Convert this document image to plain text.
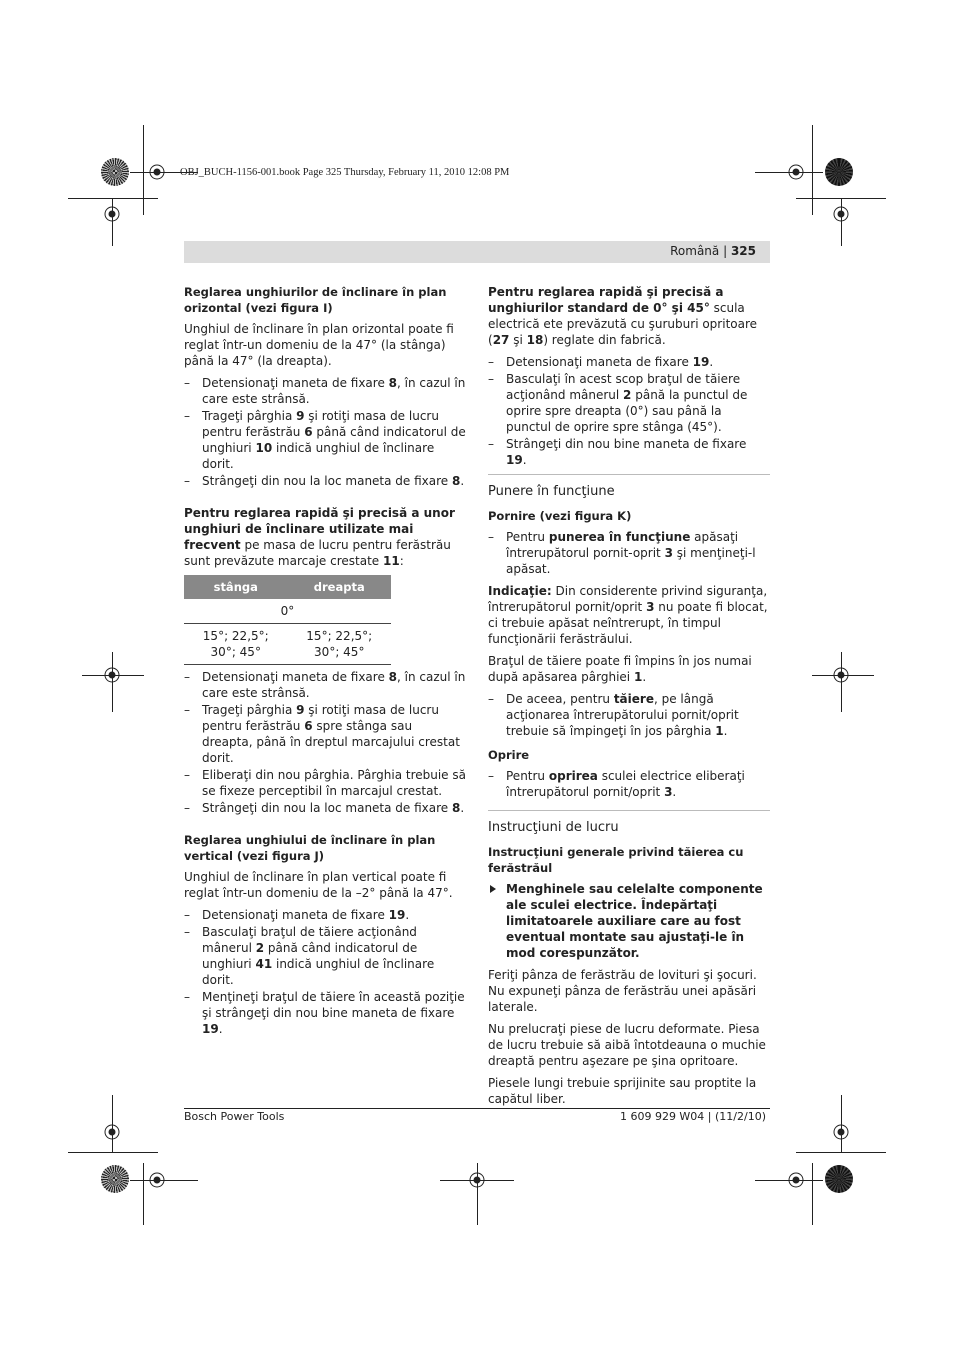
OBJ_BUCH-1156-001.book Page 325 Thursday, February 11, 2010 12:08 PM
Română | 325
Reglarea unghiurilor de înclinare în plan orizontal (vezi figura I)

Unghiul de înclinare în plan orizontal poate fi reglat într-un domeniu de la 47° (la stânga) până la 47° (la dreapta).

– Detensionaţi maneta de fixare 8, în cazul în care este strânsă.
– Trageţi pârghia 9 şi rotiţi masa de lucru pentru ferăstrău 6 până când indicatorul de unghiuri 10 indică unghiul de înclinare dorit.
– Strângeţi din nou la loc maneta de fixare 8.

Pentru reglarea rapidă şi precisă a unor unghiuri de înclinare utilizate mai frecvent pe masa de lucru pentru ferăstrău sunt prevăzute marcaje crestate 11:

stânga	dreapta
0°	
15°; 22,5°; 30°; 45°	15°; 22,5°; 30°; 45°
– Detensionaţi maneta de fixare 8, în cazul în care este strânsă.
– Trageţi pârghia 9 şi rotiţi masa de lucru pentru ferăstrău 6 spre stânga sau dreapta, până în dreptul marcajului crestat dorit.
– Eliberaţi din nou pârghia. Pârghia trebuie să se fixeze perceptibil în marcajul crestat.
– Strângeţi din nou la loc maneta de fixare 8.
Reglarea unghiului de înclinare în plan vertical (vezi figura J)

Unghiul de înclinare în plan vertical poate fi reglat într-un domeniu de la –2° până la 47°.

– Detensionaţi maneta de fixare 19.
– Basculaţi braţul de tăiere acţionând mânerul 2 până când indicatorul de unghiuri 41 indică unghiul de înclinare dorit.
– Menţineţi braţul de tăiere în această poziţie şi strângeţi din nou bine maneta de fixare 19.

Pentru reglarea rapidă şi precisă a unghiurilor standard de 0° şi 45° scula electrică ete prevăzută cu şuruburi opritoare (27 şi 18) reglate din fabrică.

– Detensionaţi maneta de fixare 19.
– Basculaţi în acest scop braţul de tăiere acţionând mânerul 2 până la punctul de oprire spre dreapta (0°) sau până la punctul de oprire spre stânga (45°).
– Strângeţi din nou bine maneta de fixare 19.
Punere în funcţiune
Pornire (vezi figura K)
– Pentru punerea în funcţiune apăsaţi întrerupătorul pornit-oprit 3 şi menţineţi-l apăsat.

Indicaţie: Din considerente privind siguranţa, întrerupătorul pornit/oprit 3 nu poate fi blocat, ci trebuie apăsat neîntrerupt, în timpul funcţionării ferăstrăului.

Braţul de tăiere poate fi împins în jos numai după apăsarea pârghiei 1.

– De aceea, pentru tăiere, pe lângă acţionarea întrerupătorului pornit/oprit trebuie să împingeţi în jos pârghia 1.
Oprire
– Pentru oprirea sculei electrice eliberaţi întrerupătorul pornit/oprit 3.
Instrucţiuni de lucru
Instrucţiuni generale privind tăierea cu ferăstrăul
Menghinele sau celelalte componente ale sculei electrice. Îndepărtaţi limitatoarele auxiliare care au fost eventual montate sau ajustaţi-le în mod corespunzător.

Feriţi pânza de ferăstrău de lovituri şi şocuri. Nu expuneţi pânza de ferăstrău unei apăsări laterale.

Nu prelucraţi piese de lucru deformate. Piesa de lucru trebuie să aibă întotdeauna o muchie dreaptă pentru aşezare pe şina opritoare.

Piesele lungi trebuie sprijinite sau proptite la capătul liber.

Bosch Power Tools	1 609 929 W04 | (11/2/10)
